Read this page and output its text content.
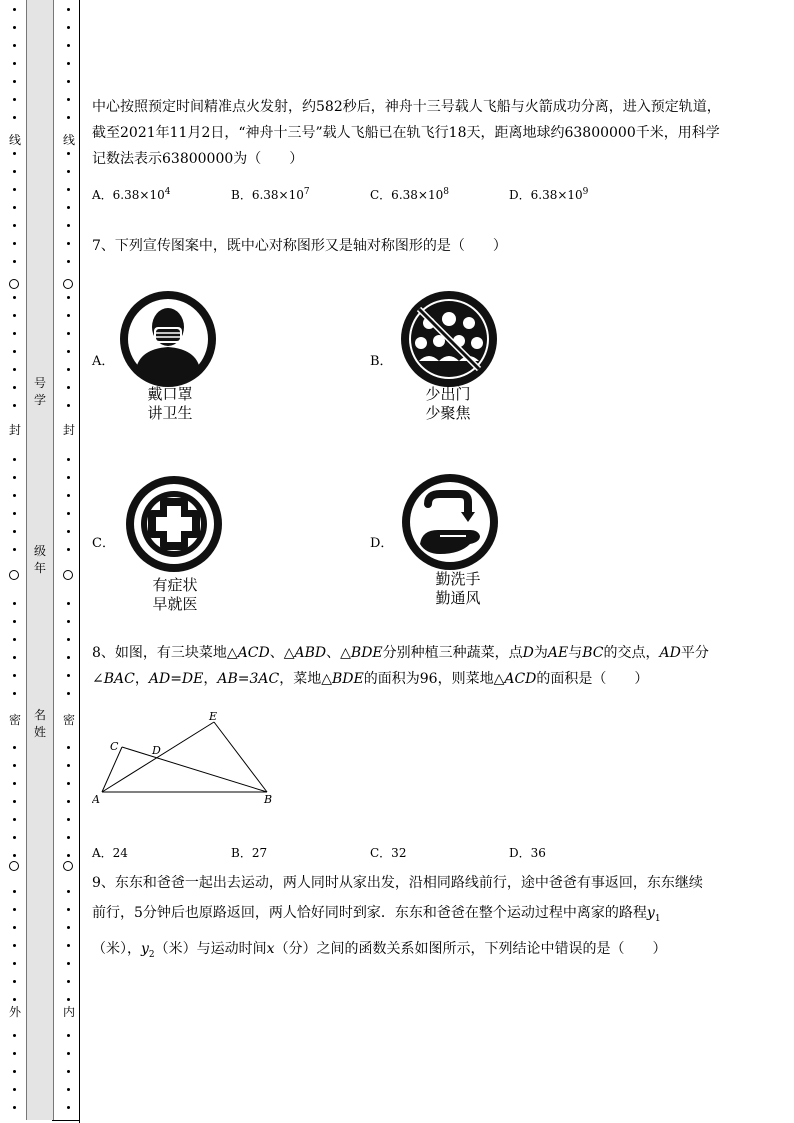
线
封
密
外
号
学
级
年
名
姓
线
封
密
内

中心按照预定时间精准点火发射，约582秒后，神舟十三号载人飞船与火箭成功分离，进入预定轨道，截至2021年11月2日，“神舟十三号”载人飞船已在轨飞行18天，距离地球约63800000千米，用科学记数法表示63800000为（　　）

A．$6.38\times 10^4$	B．$6.38\times 10^7$	C．$6.38\times 10^8$	D．$6.38\times 10^9$
7、下列宣传图案中，既中心对称图形又是轴对称图形的是（　　）
A．
戴口罩
讲卫生
B．
少出门
少聚焦
C．
有症状
早就医
D．
勤洗手
勤通风
8、如图，有三块菜地△ACD、△ABD、△BDE分别种植三种蔬菜，点D为AE与BC的交点，AD平分
∠BAC，AD=DE，AB=3AC，菜地△BDE的面积为96，则菜地△ACD的面积是（　　）
A	B
C	D
E
A．24	B．27	C．32	D．36
9、东东和爸爸一起出去运动，两人同时从家出发，沿相同路线前行，途中爸爸有事返回，东东继续
前行，5分钟后也原路返回，两人恰好同时到家．东东和爸爸在整个运动过程中离家的路程$y_1$
（米），$y_2$（米）与运动时间x（分）之间的函数关系如图所示，下列结论中错误的是（　　）
